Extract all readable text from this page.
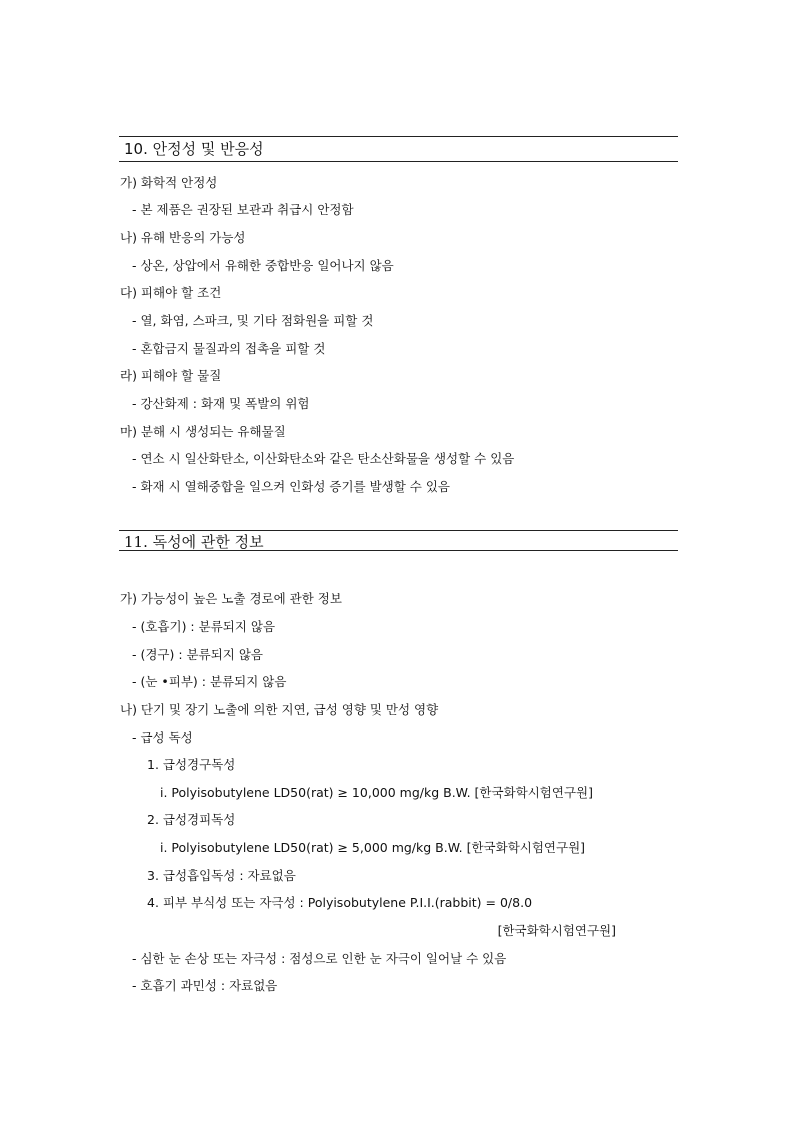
10. 안정성 및 반응성
가) 화학적 안정성
- 본 제품은 권장된 보관과 취급시 안정함
나) 유해 반응의 가능성
- 상온, 상압에서 유해한 중합반응 일어나지 않음
다) 피해야 할 조건
- 열, 화염, 스파크, 및 기타 점화원을 피할 것
- 혼합금지 물질과의 접촉을 피할 것
라) 피해야 할 물질
- 강산화제 : 화재 및 폭발의 위험
마) 분해 시 생성되는 유해물질
- 연소 시 일산화탄소, 이산화탄소와 같은 탄소산화물을 생성할 수 있음
- 화재 시 열해중합을 일으켜 인화성 증기를 발생할 수 있음
11. 독성에 관한 정보
가) 가능성이 높은 노출 경로에 관한 정보
- (호흡기) : 분류되지 않음
- (경구) : 분류되지 않음
- (눈 •피부) : 분류되지 않음
나) 단기 및 장기 노출에 의한 지연, 급성 영향 및 만성 영향
- 급성 독성
1. 급성경구독성
i. Polyisobutylene LD50(rat) ≥ 10,000 mg/kg B.W. [한국화학시험연구원]
2. 급성경피독성
i. Polyisobutylene LD50(rat) ≥ 5,000 mg/kg B.W. [한국화학시험연구원]
3. 급성흡입독성 : 자료없음
4. 피부 부식성 또는 자극성 : Polyisobutylene P.I.I.(rabbit) = 0/8.0
[한국화학시험연구원]
- 심한 눈 손상 또는 자극성 : 점성으로 인한 눈 자극이 일어날 수 있음
- 호흡기 과민성 : 자료없음
